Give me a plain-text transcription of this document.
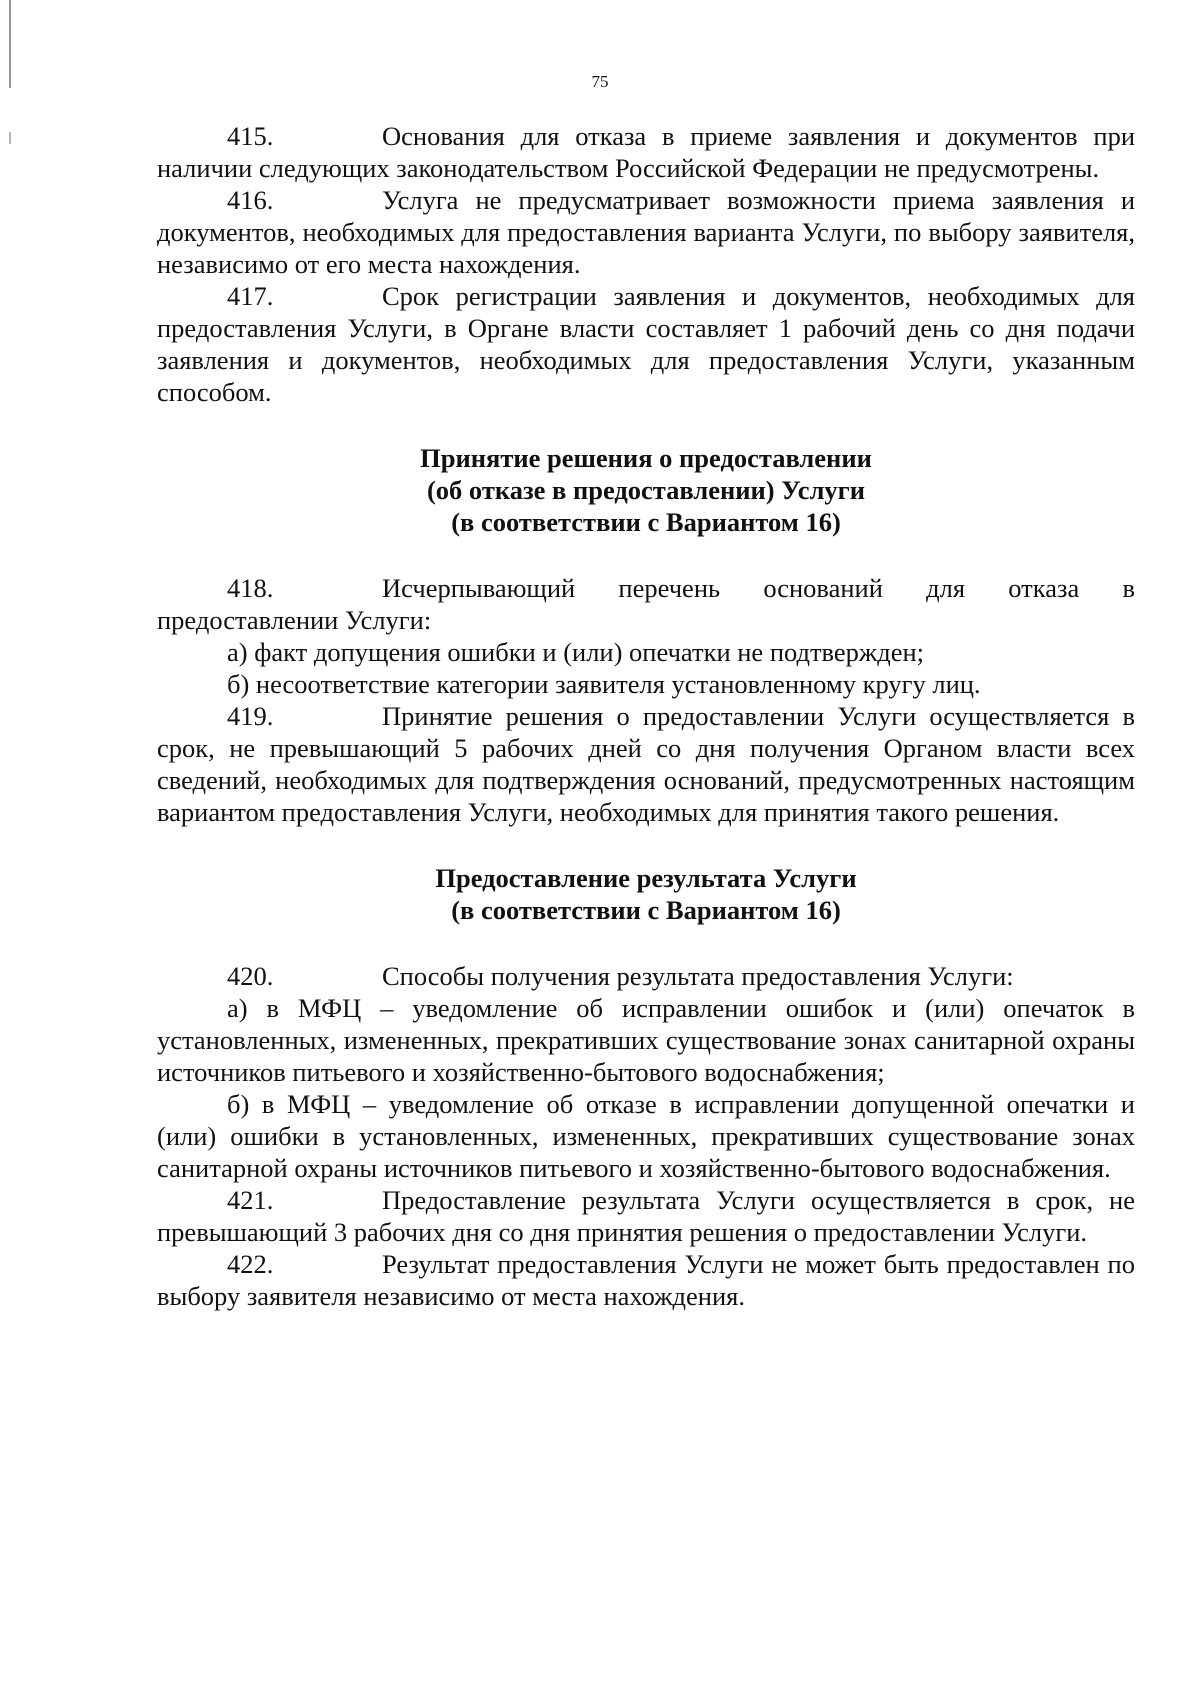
75

415.	Основания для отказа в приеме заявления и документов при наличии следующих законодательством Российской Федерации не предусмотрены.

416.	Услуга не предусматривает возможности приема заявления и документов, необходимых для предоставления варианта Услуги, по выбору заявителя, независимо от его места нахождения.

417.	Срок регистрации заявления и документов, необходимых для предоставления Услуги, в Органе власти составляет 1 рабочий день со дня подачи заявления и документов, необходимых для предоставления Услуги, указанным способом.

Принятие решения о предоставлении

(об отказе в предоставлении) Услуги

(в соответствии с Вариантом 16)

418.	Исчерпывающий перечень оснований для отказа в предоставлении Услуги:

а) факт допущения ошибки и (или) опечатки не подтвержден;

б) несоответствие категории заявителя установленному кругу лиц.

419.	Принятие решения о предоставлении Услуги осуществляется в срок, не превышающий 5 рабочих дней со дня получения Органом власти всех сведений, необходимых для подтверждения оснований, предусмотренных настоящим вариантом предоставления Услуги, необходимых для принятия такого решения.

Предоставление результата Услуги

(в соответствии с Вариантом 16)

420.	Способы получения результата предоставления Услуги:

а) в МФЦ – уведомление об исправлении ошибок и (или) опечаток в установленных, измененных, прекративших существование зонах санитарной охраны источников питьевого и хозяйственно-бытового водоснабжения;

б) в МФЦ – уведомление об отказе в исправлении допущенной опечатки и (или) ошибки в установленных, измененных, прекративших существование зонах санитарной охраны источников питьевого и хозяйственно-бытового водоснабжения.

421.	Предоставление результата Услуги осуществляется в срок, не превышающий 3 рабочих дня со дня принятия решения о предоставлении Услуги.

422.	Результат предоставления Услуги не может быть предоставлен по выбору заявителя независимо от места нахождения.
